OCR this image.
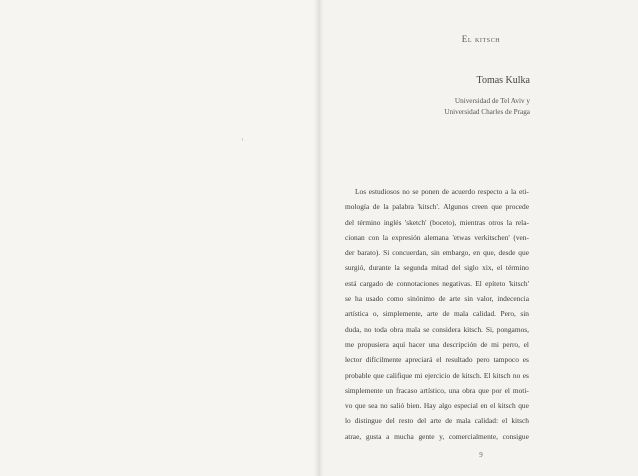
El kitsch
Tomas Kulka
Universidad de Tel Aviv y
Universidad Charles de Praga
Los estudiosos no se ponen de acuerdo respecto a la eti-
mología de la palabra 'kitsch'. Algunos creen que procede
del término inglés 'sketch' (boceto), mientras otros la rela-
cionan con la expresión alemana 'etwas verkitschen' (ven-
der barato). Si concuerdan, sin embargo, en que, desde que
surgió, durante la segunda mitad del siglo xix, el término
está cargado de connotaciones negativas. El epíteto 'kitsch'
se ha usado como sinónimo de arte sin valor, indecencia
artística o, simplemente, arte de mala calidad. Pero, sin
duda, no toda obra mala se considera kitsch. Si, pongamos,
me propusiera aquí hacer una descripción de mi perro, el
lector difícilmente apreciará el resultado pero tampoco es
probable que califique mi ejercicio de kitsch. El kitsch no es
simplemente un fracaso artístico, una obra que por el moti-
vo que sea no salió bien. Hay algo especial en el kitsch que
lo distingue del resto del arte de mala calidad: el kitsch
atrae, gusta a mucha gente y, comercialmente, consigue
9
